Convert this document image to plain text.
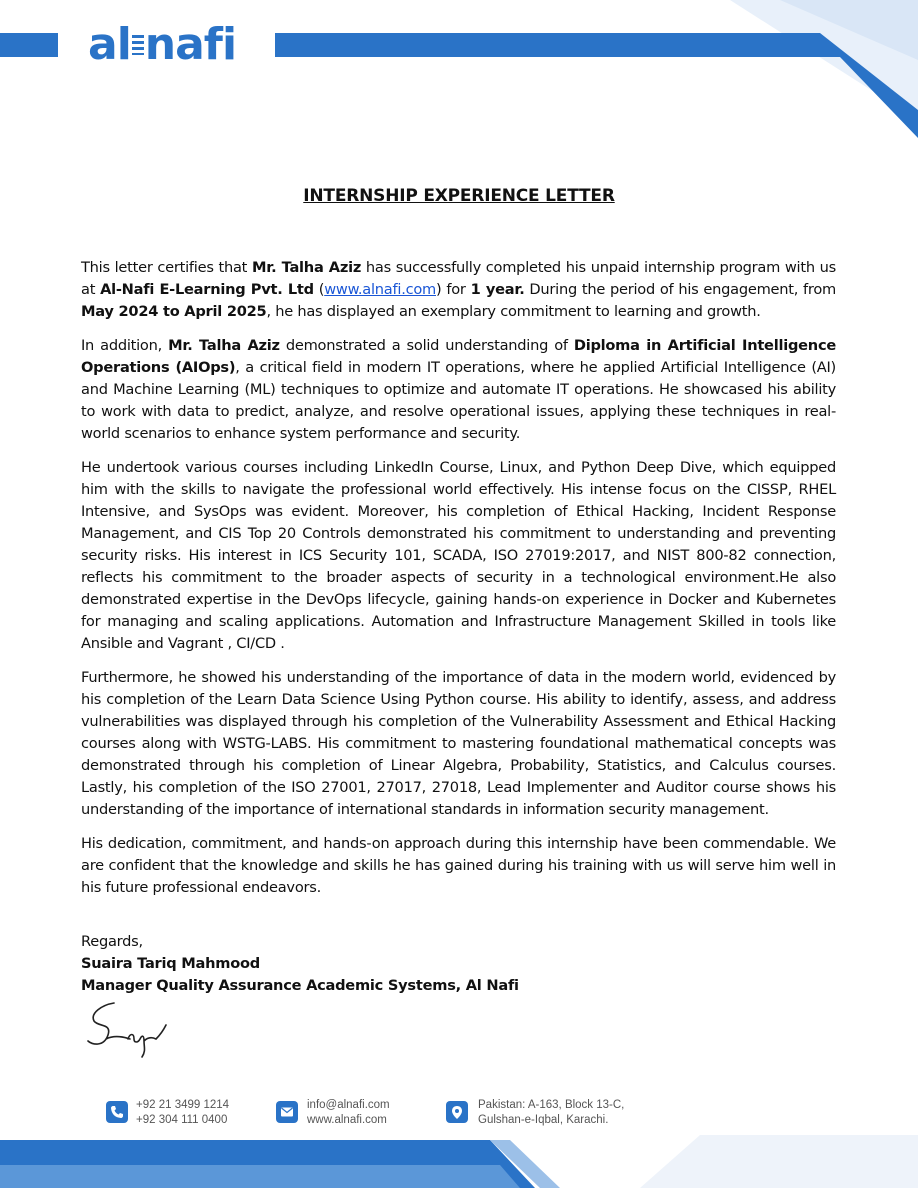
al nafi
INTERNSHIP EXPERIENCE LETTER

This letter certifies that Mr. Talha Aziz has successfully completed his unpaid internship program with us at Al-Nafi E-Learning Pvt. Ltd (www.alnafi.com) for 1 year. During the period of his engagement, from May 2024 to April 2025, he has displayed an exemplary commitment to learning and growth.

In addition, Mr. Talha Aziz demonstrated a solid understanding of Diploma in Artificial Intelligence Operations (AIOps), a critical field in modern IT operations, where he applied Artificial Intelligence (AI) and Machine Learning (ML) techniques to optimize and automate IT operations. He showcased his ability to work with data to predict, analyze, and resolve operational issues, applying these techniques in real-world scenarios to enhance system performance and security.

He undertook various courses including LinkedIn Course, Linux, and Python Deep Dive, which equipped him with the skills to navigate the professional world effectively. His intense focus on the CISSP, RHEL Intensive, and SysOps was evident. Moreover, his completion of Ethical Hacking, Incident Response Management, and CIS Top 20 Controls demonstrated his commitment to understanding and preventing security risks. His interest in ICS Security 101, SCADA, ISO 27019:2017, and NIST 800-82 connection, reflects his commitment to the broader aspects of security in a technological environment.He also demonstrated expertise in the DevOps lifecycle, gaining hands-on experience in Docker and Kubernetes for managing and scaling applications. Automation and Infrastructure Management Skilled in tools like Ansible and Vagrant , CI/CD .

Furthermore, he showed his understanding of the importance of data in the modern world, evidenced by his completion of the Learn Data Science Using Python course. His ability to identify, assess, and address vulnerabilities was displayed through his completion of the Vulnerability Assessment and Ethical Hacking courses along with WSTG-LABS. His commitment to mastering foundational mathematical concepts was demonstrated through his completion of Linear Algebra, Probability, Statistics, and Calculus courses. Lastly, his completion of the ISO 27001, 27017, 27018, Lead Implementer and Auditor course shows his understanding of the importance of international standards in information security management.

His dedication, commitment, and hands-on approach during this internship have been commendable. We are confident that the knowledge and skills he has gained during his training with us will serve him well in his future professional endeavors.

Regards,
Suaira Tariq Mahmood
Manager Quality Assurance Academic Systems, Al Nafi
+92 21 3499 1214
+92 304 111 0400
info@alnafi.com
www.alnafi.com
Pakistan: A-163, Block 13-C,
Gulshan-e-Iqbal, Karachi.
